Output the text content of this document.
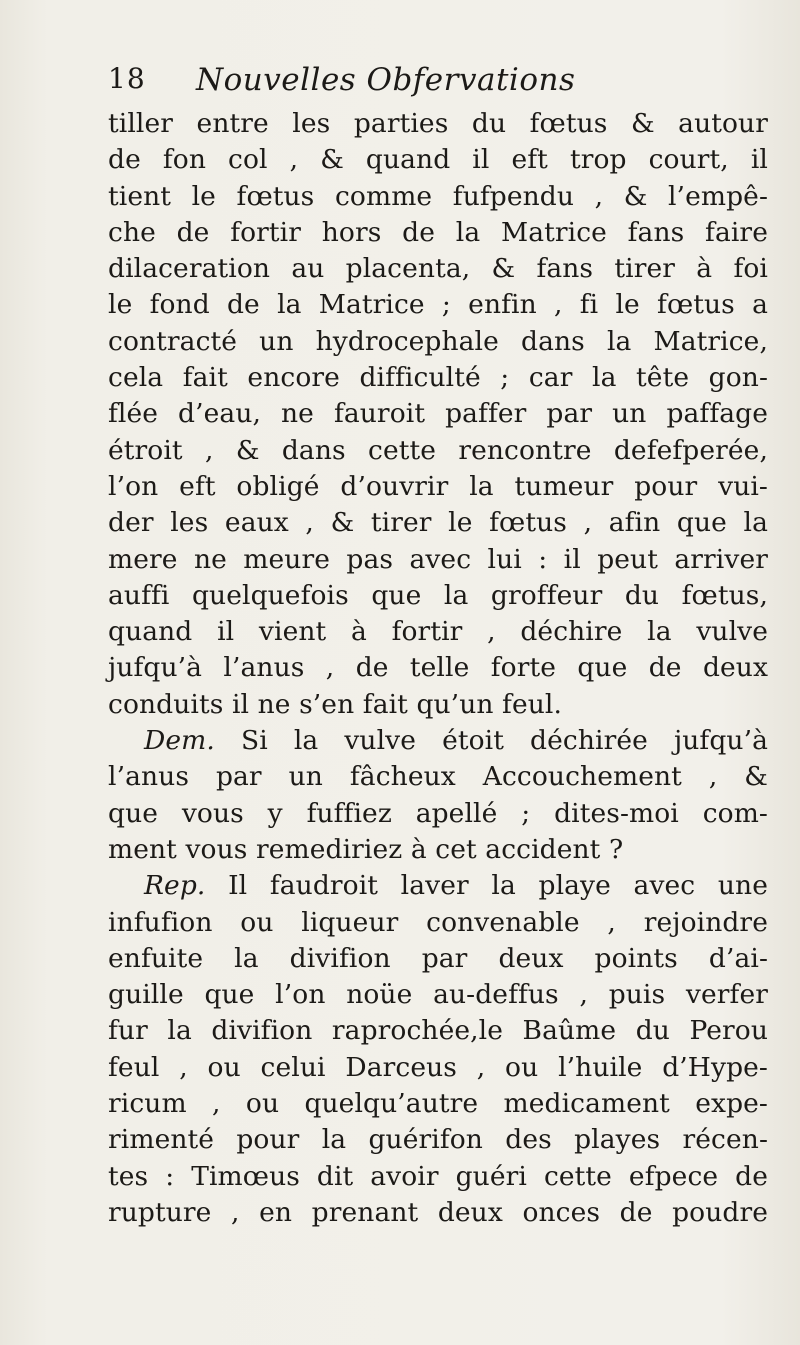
18 Nouvelles Obfervations
tiller entre les parties du fœtus & autour
de fon col , & quand il eft trop court, il
tient le fœtus comme fufpendu , & l’empê-
che de fortir hors de la Matrice fans faire
dilaceration au placenta, & fans tirer à foi
le fond de la Matrice ; enfin , fi le fœtus a
contracté un hydrocephale dans la Matrice,
cela fait encore difficulté ; car la tête gon-
flée d’eau, ne fauroit paffer par un paffage
étroit , & dans cette rencontre defefperée,
l’on eft obligé d’ouvrir la tumeur pour vui-
der les eaux , & tirer le fœtus , afin que la
mere ne meure pas avec lui : il peut arriver
auffi quelquefois que la groffeur du fœtus,
quand il vient à fortir , déchire la vulve
jufqu’à l’anus , de telle forte que de deux
conduits il ne s’en fait qu’un feul.
Dem. Si la vulve étoit déchirée jufqu’à
l’anus par un fâcheux Accouchement , &
que vous y fuffiez apellé ; dites-moi com-
ment vous remediriez à cet accident ?
Rep. Il faudroit laver la playe avec une
infufion ou liqueur convenable , rejoindre
enfuite la divifion par deux points d’ai-
guille que l’on noüe au-deffus , puis verfer
fur la divifion raprochée,le Baûme du Perou
feul , ou celui Darceus , ou l’huile d’Hype-
ricum , ou quelqu’autre medicament expe-
rimenté pour la guérifon des playes récen-
tes : Timœus dit avoir guéri cette efpece de
rupture , en prenant deux onces de poudre
